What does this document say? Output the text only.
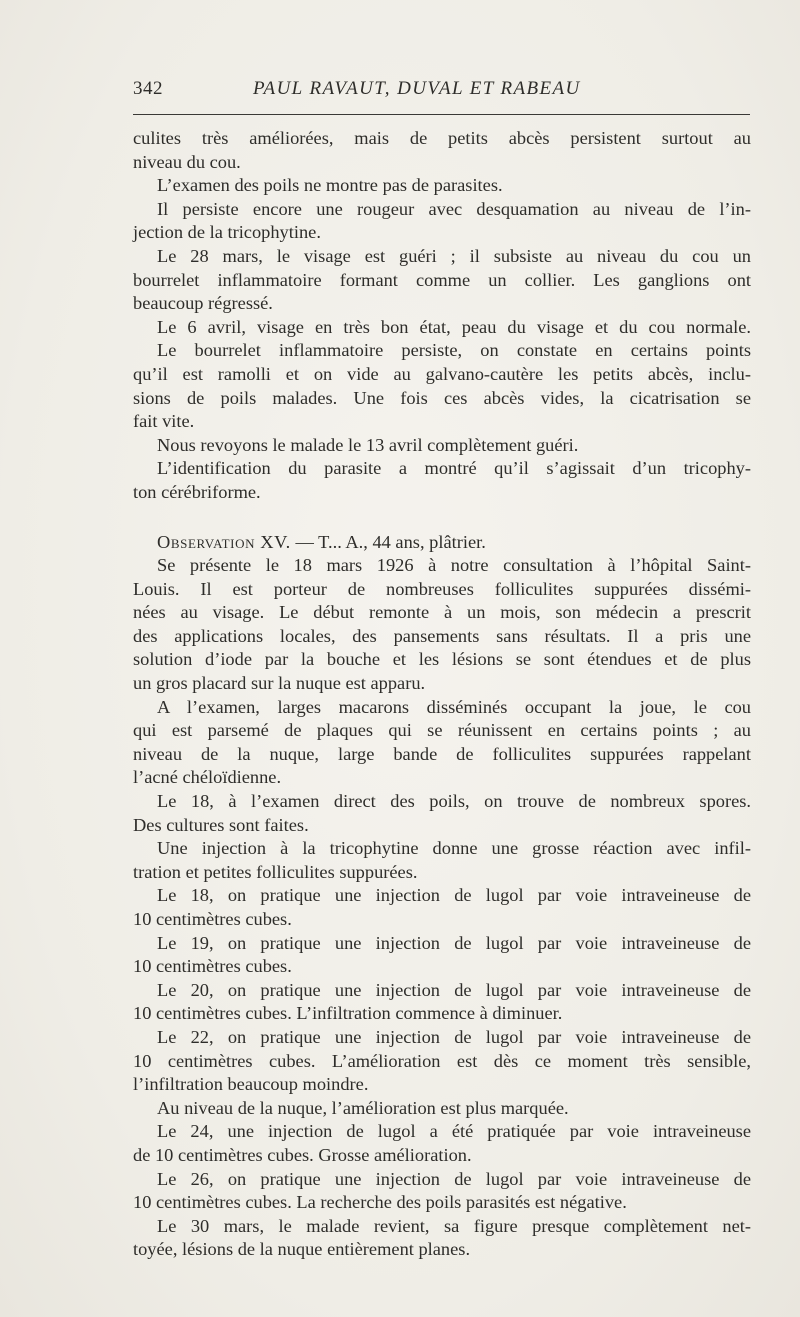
342	PAUL RAVAUT, DUVAL ET RABEAU
culites très améliorées, mais de petits abcès persistent surtout au
niveau du cou.
L’examen des poils ne montre pas de parasites.
Il persiste encore une rougeur avec desquamation au niveau de l’in-
jection de la tricophytine.
Le 28 mars, le visage est guéri ; il subsiste au niveau du cou un
bourrelet inflammatoire formant comme un collier. Les ganglions ont
beaucoup régressé.
Le 6 avril, visage en très bon état, peau du visage et du cou normale.
Le bourrelet inflammatoire persiste, on constate en certains points
qu’il est ramolli et on vide au galvano-cautère les petits abcès, inclu-
sions de poils malades. Une fois ces abcès vides, la cicatrisation se
fait vite.
Nous revoyons le malade le 13 avril complètement guéri.
L’identification du parasite a montré qu’il s’agissait d’un tricophy-
ton cérébriforme.
Observation XV. — T... A., 44 ans, plâtrier.
Se présente le 18 mars 1926 à notre consultation à l’hôpital Saint-
Louis. Il est porteur de nombreuses folliculites suppurées dissémi-
nées au visage. Le début remonte à un mois, son médecin a prescrit
des applications locales, des pansements sans résultats. Il a pris une
solution d’iode par la bouche et les lésions se sont étendues et de plus
un gros placard sur la nuque est apparu.
A l’examen, larges macarons disséminés occupant la joue, le cou
qui est parsemé de plaques qui se réunissent en certains points ; au
niveau de la nuque, large bande de folliculites suppurées rappelant
l’acné chéloïdienne.
Le 18, à l’examen direct des poils, on trouve de nombreux spores.
Des cultures sont faites.
Une injection à la tricophytine donne une grosse réaction avec infil-
tration et petites folliculites suppurées.
Le 18, on pratique une injection de lugol par voie intraveineuse de
10 centimètres cubes.
Le 19, on pratique une injection de lugol par voie intraveineuse de
10 centimètres cubes.
Le 20, on pratique une injection de lugol par voie intraveineuse de
10 centimètres cubes. L’infiltration commence à diminuer.
Le 22, on pratique une injection de lugol par voie intraveineuse de
10 centimètres cubes. L’amélioration est dès ce moment très sensible,
l’infiltration beaucoup moindre.
Au niveau de la nuque, l’amélioration est plus marquée.
Le 24, une injection de lugol a été pratiquée par voie intraveineuse
de 10 centimètres cubes. Grosse amélioration.
Le 26, on pratique une injection de lugol par voie intraveineuse de
10 centimètres cubes. La recherche des poils parasités est négative.
Le 30 mars, le malade revient, sa figure presque complètement net-
toyée, lésions de la nuque entièrement planes.
